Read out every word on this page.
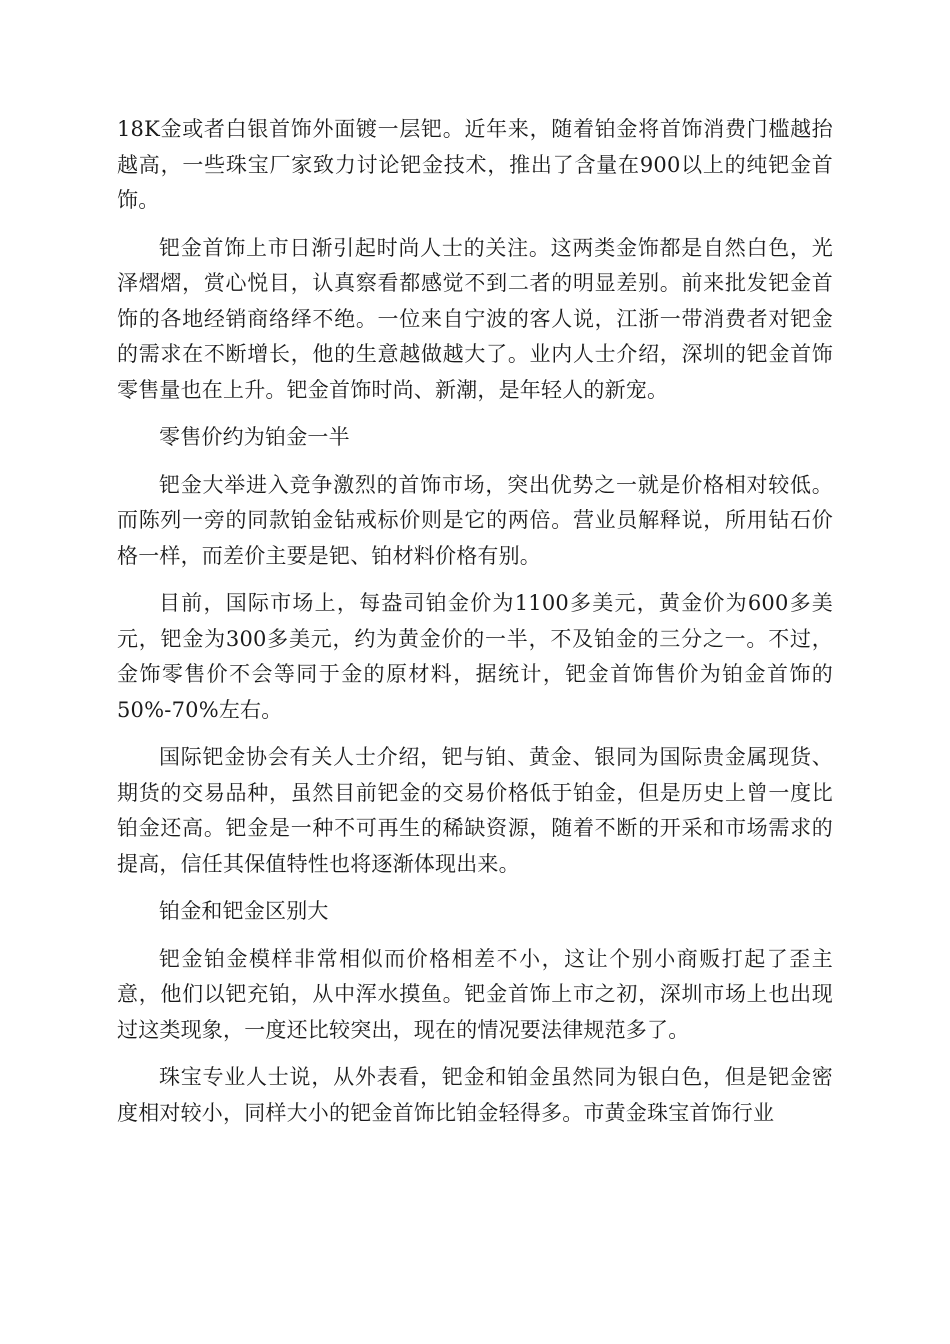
18K金或者白银首饰外面镀一层钯。近年来，随着铂金将首饰消费门槛越抬越高，一些珠宝厂家致力讨论钯金技术，推出了含量在900以上的纯钯金首饰。

钯金首饰上市日渐引起时尚人士的关注。这两类金饰都是自然白色，光泽熠熠，赏心悦目，认真察看都感觉不到二者的明显差别。前来批发钯金首饰的各地经销商络绎不绝。一位来自宁波的客人说，江浙一带消费者对钯金的需求在不断增长，他的生意越做越大了。业内人士介绍，深圳的钯金首饰零售量也在上升。钯金首饰时尚、新潮，是年轻人的新宠。

零售价约为铂金一半

钯金大举进入竞争激烈的首饰市场，突出优势之一就是价格相对较低。而陈列一旁的同款铂金钻戒标价则是它的两倍。营业员解释说，所用钻石价格一样，而差价主要是钯、铂材料价格有别。

目前，国际市场上，每盎司铂金价为1100多美元，黄金价为600多美元，钯金为300多美元，约为黄金价的一半，不及铂金的三分之一。不过，金饰零售价不会等同于金的原材料，据统计，钯金首饰售价为铂金首饰的50%-70%左右。

国际钯金协会有关人士介绍，钯与铂、黄金、银同为国际贵金属现货、期货的交易品种，虽然目前钯金的交易价格低于铂金，但是历史上曾一度比铂金还高。钯金是一种不可再生的稀缺资源，随着不断的开采和市场需求的提高，信任其保值特性也将逐渐体现出来。

铂金和钯金区别大

钯金铂金模样非常相似而价格相差不小，这让个别小商贩打起了歪主意，他们以钯充铂，从中浑水摸鱼。钯金首饰上市之初，深圳市场上也出现过这类现象，一度还比较突出，现在的情况要法律规范多了。

珠宝专业人士说，从外表看，钯金和铂金虽然同为银白色，但是钯金密度相对较小，同样大小的钯金首饰比铂金轻得多。市黄金珠宝首饰行业
